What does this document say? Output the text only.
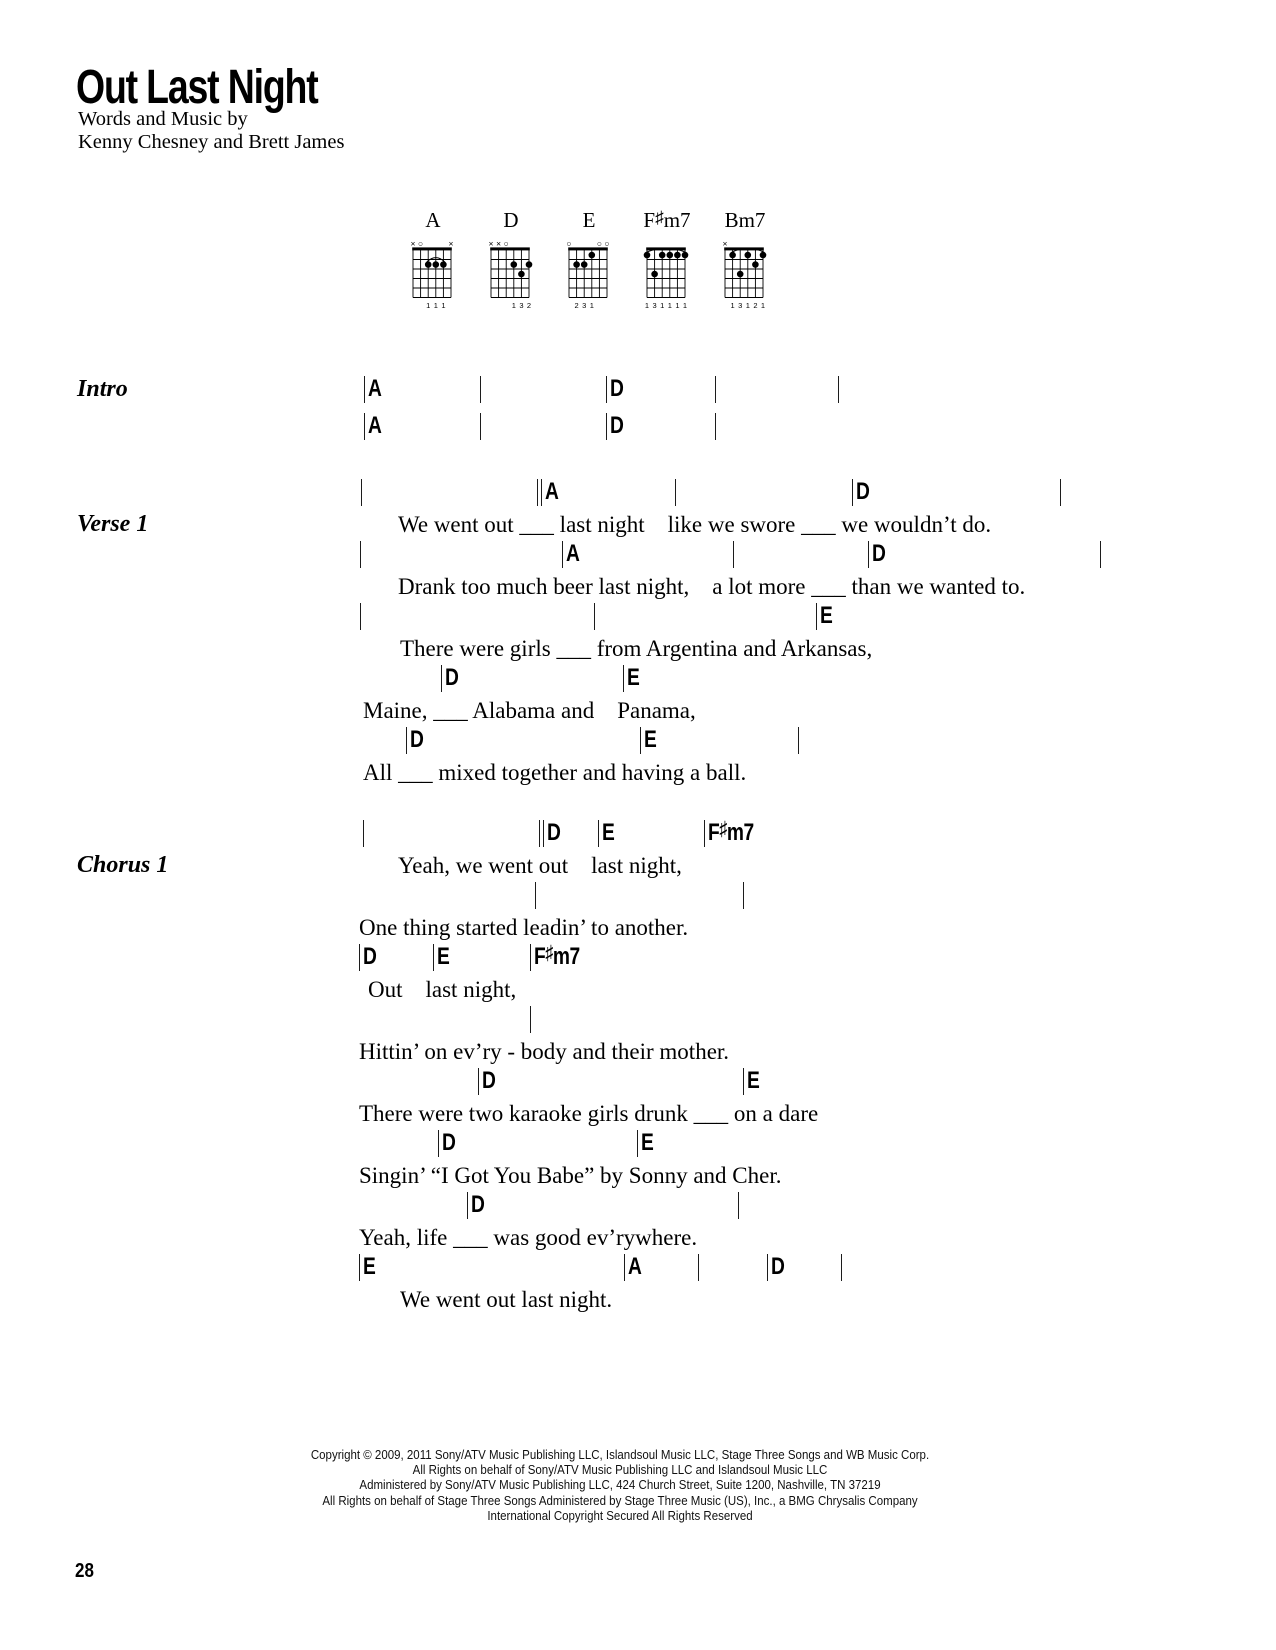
Out Last Night
Words and Music by
Kenny Chesney and Brett James
A
× ○	×
1 1 1
D
× × ○
1 3 2
E
○	○ ○
2 3 1
F♯m7
1 3 1 1 1 1
Bm7
×
1 3 1 2 1
Intro	A	D
A	D
Verse 1
A	D
We went out ___ last night    like we swore ___ we wouldn’t do.
A	D
Drank too much beer last night,    a lot more ___ than we wanted to.
E
There were girls ___ from Argentina and Arkansas,
D	E
Maine, ___ Alabama and    Panama,
D	E
All ___ mixed together and having a ball.
Chorus 1
D E	F♯m7
Yeah, we went out    last night,
One thing started leadin’ to another.
D	E	F♯m7
Out    last night,
Hittin’ on ev’ry - body and their mother.
D	E
There were two karaoke girls drunk ___ on a dare
D	E
Singin’ “I Got You Babe” by Sonny and Cher.
D
Yeah, life ___ was good ev’rywhere.
E	A	D
We went out last night.
Copyright © 2009, 2011 Sony/ATV Music Publishing LLC, Islandsoul Music LLC, Stage Three Songs and WB Music Corp.
All Rights on behalf of Sony/ATV Music Publishing LLC and Islandsoul Music LLC
Administered by Sony/ATV Music Publishing LLC, 424 Church Street, Suite 1200, Nashville, TN 37219
All Rights on behalf of Stage Three Songs Administered by Stage Three Music (US), Inc., a BMG Chrysalis Company
International Copyright Secured All Rights Reserved
28
